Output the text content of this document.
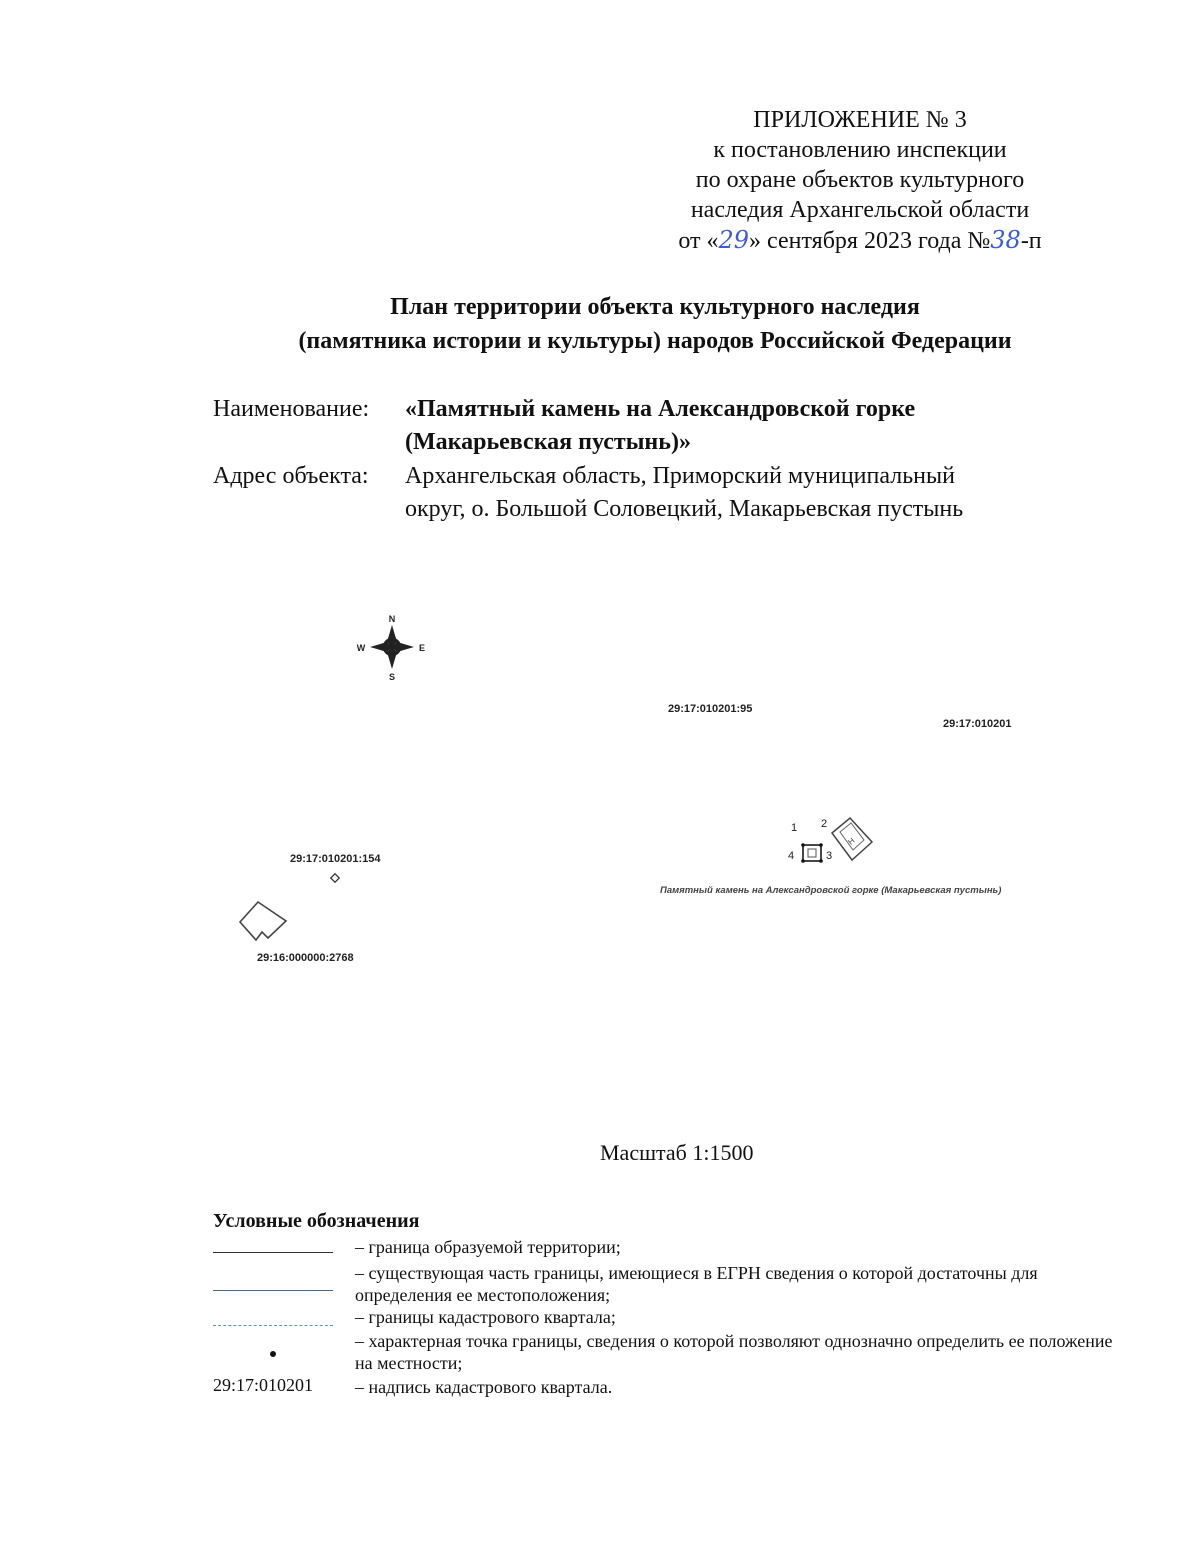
ПРИЛОЖЕНИЕ № 3
к постановлению инспекции
по охране объектов культурного
наследия Архангельской области
от «29» сентября 2023 года №38-п
План территории объекта культурного наследия
(памятника истории и культуры) народов Российской Федерации
Наименование: «Памятный камень на Александровской горке
(Макарьевская пустынь)»
Адрес объекта: Архангельская область, Приморский муниципальный
округ, о. Большой Соловецкий, Макарьевская пустынь
N
S
W	E
Н
29:17:010201:95
29:17:010201
29:17:010201:154
29:16:000000:2768
1 2
3
4
Памятный камень на Александровской горке (Макарьевская пустынь)
Масштаб 1:1500
Условные обозначения
– граница образуемой территории;
– существующая часть границы, имеющиеся в ЕГРН сведения о которой достаточны для определения ее местоположения;
– границы кадастрового квартала;
– характерная точка границы, сведения о которой позволяют однозначно определить ее положение на местности;
29:17:010201 – надпись кадастрового квартала.
